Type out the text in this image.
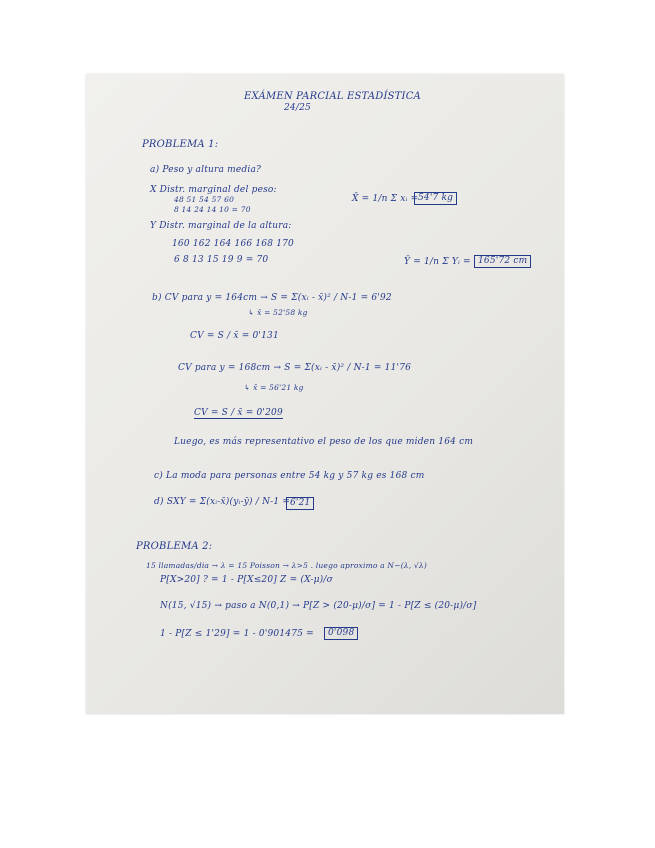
EXÁMEN PARCIAL ESTADÍSTICA
24/25
PROBLEMA 1:
a) Peso y altura media?
X Distr. marginal del peso:
48 51 54 57 60
8 14 24 14 10 = 70
X̄ = 1/n Σ xᵢ = 54'7 kg
Y Distr. marginal de la altura:
160 162 164 166 168 170
6 8 13 15 19 9 = 70	Ȳ = 1/n Σ Yᵢ = 165'72 cm
b) CV para y = 164cm → S = Σ(xᵢ - x̄)² / N-1 = 6'92
↳ x̄ = 52'58 kg
CV = S / x̄ = 0'131
CV para y = 168cm → S = Σ(xᵢ - x̄)² / N-1 = 11'76
↳ x̄ = 56'21 kg
CV = S / x̄ = 0'209
Luego, es más representativo el peso de los que miden 164 cm
c) La moda para personas entre 54 kg y 57 kg es 168 cm
d) SXY = Σ(xᵢ-x̄)(yᵢ-ȳ) / N-1 = 6'21
PROBLEMA 2:
15 llamadas/dia → λ = 15 Poisson → λ>5 . luego aproximo a N~(λ, √λ)
P[X>20] ? = 1 - P[X≤20] Z = (X-μ)/σ
N(15, √15) → paso a N(0,1) → P[Z > (20-μ)/σ] = 1 - P[Z ≤ (20-μ)/σ]
1 - P[Z ≤ 1'29] = 1 - 0'901475 =	0'098
